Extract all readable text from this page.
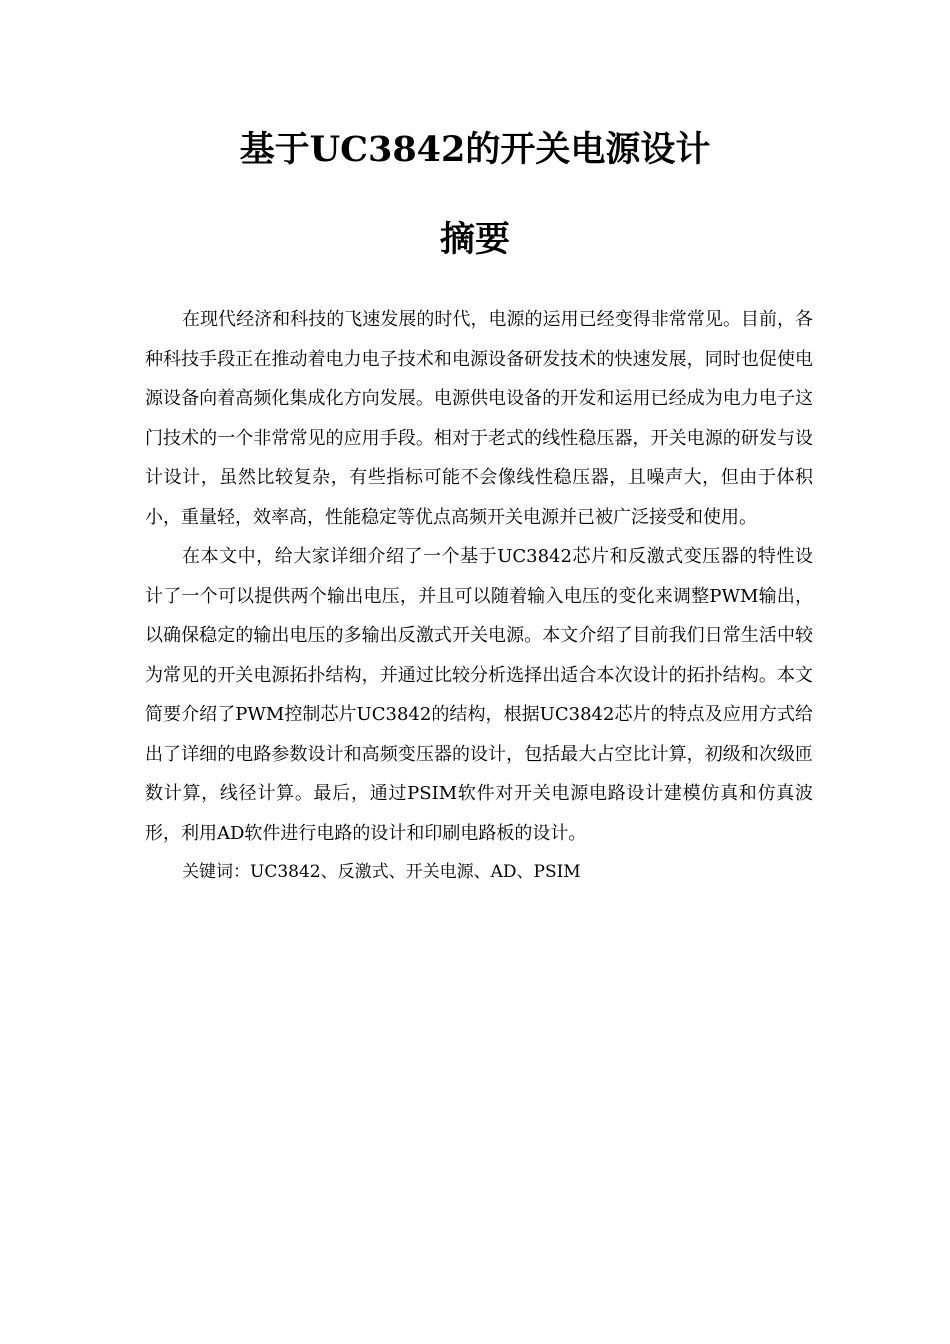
基于UC3842的开关电源设计
摘要

在现代经济和科技的飞速发展的时代，电源的运用已经变得非常常见。目前，各种科技手段正在推动着电力电子技术和电源设备研发技术的快速发展，同时也促使电源设备向着高频化集成化方向发展。电源供电设备的开发和运用已经成为电力电子这门技术的一个非常常见的应用手段。相对于老式的线性稳压器，开关电源的研发与设计设计，虽然比较复杂，有些指标可能不会像线性稳压器，且噪声大，但由于体积小，重量轻，效率高，性能稳定等优点高频开关电源并已被广泛接受和使用。

在本文中，给大家详细介绍了一个基于UC3842芯片和反激式变压器的特性设计了一个可以提供两个输出电压，并且可以随着输入电压的变化来调整PWM输出，以确保稳定的输出电压的多输出反激式开关电源。本文介绍了目前我们日常生活中较为常见的开关电源拓扑结构，并通过比较分析选择出适合本次设计的拓扑结构。本文简要介绍了PWM控制芯片UC3842的结构，根据UC3842芯片的特点及应用方式给出了详细的电路参数设计和高频变压器的设计，包括最大占空比计算，初级和次级匝数计算，线径计算。最后，通过PSIM软件对开关电源电路设计建模仿真和仿真波形，利用AD软件进行电路的设计和印刷电路板的设计。

关键词：UC3842、反激式、开关电源、AD、PSIM
